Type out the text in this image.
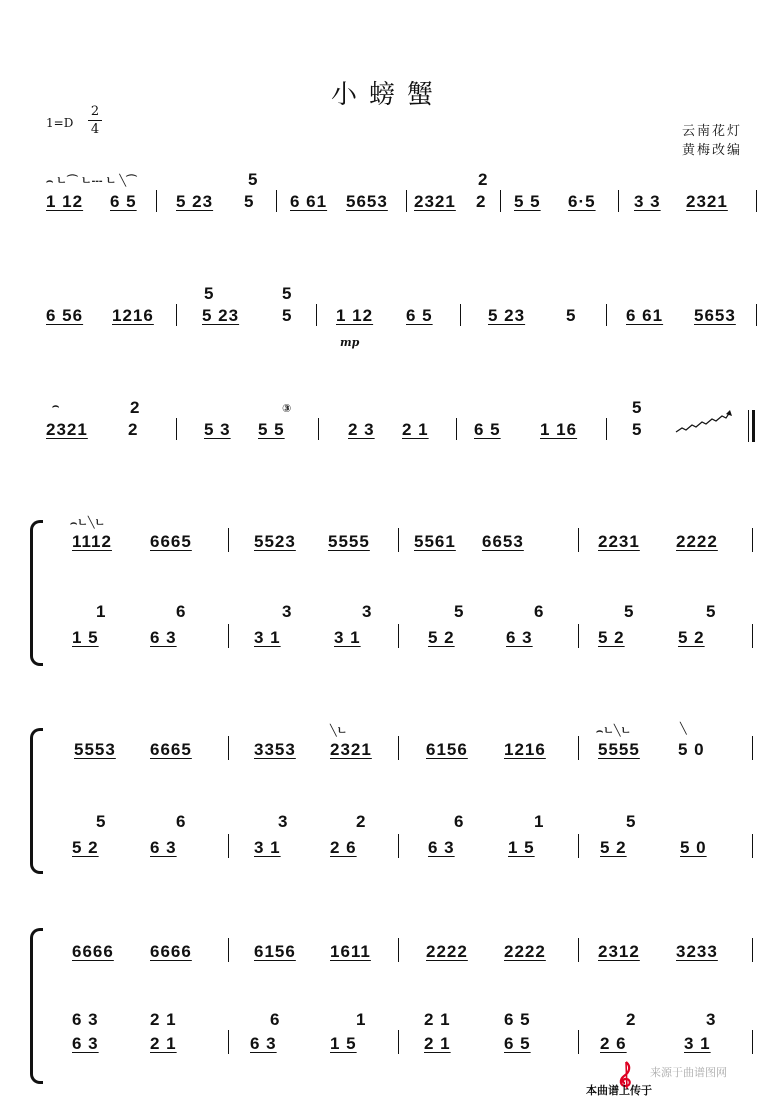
小螃蟹
1=D
2
4	云南花灯
黄梅改编
⌢ ㄴ⌒ ㄴ--- ㄴ ╲⌒	5	2
1 12 6 5 5 23 5 6 61 5653 2321 2 5 5 6·5 3 3 2321
5	5
6 56 1216	5 23	5	1 12 6 5
mp
5 23 5	6 61 5653
⌢	2	5
③
2321 2	5 3 5 5	2 3 2 1	6 5 1 16	5
⌢ㄴ╲ㄴ
1112 6665	5523 5555	5561 6653	2231 2222
1	6	3	3	5	6	5	5
1 5	6 3	3 1	3 1	5 2	6 3	5 2	5 2
╲ㄴ	⌢ㄴ╲ㄴ	╲
5553 6665	3353 2321	6156 1216	5555 5 0
5	6	3	2	6	1	5
5 2	6 3	3 1	2 6	6 3	1 5	5 2	5 0
6666 6666	6156 1611	2222 2222	2312 3233
6 3	2 1	6	1	2 1	6 5	2	3
6 3	2 1	6 3	1 5	2 1	6 5	2 6	3 1
来源于曲谱图网
本曲谱上传于
